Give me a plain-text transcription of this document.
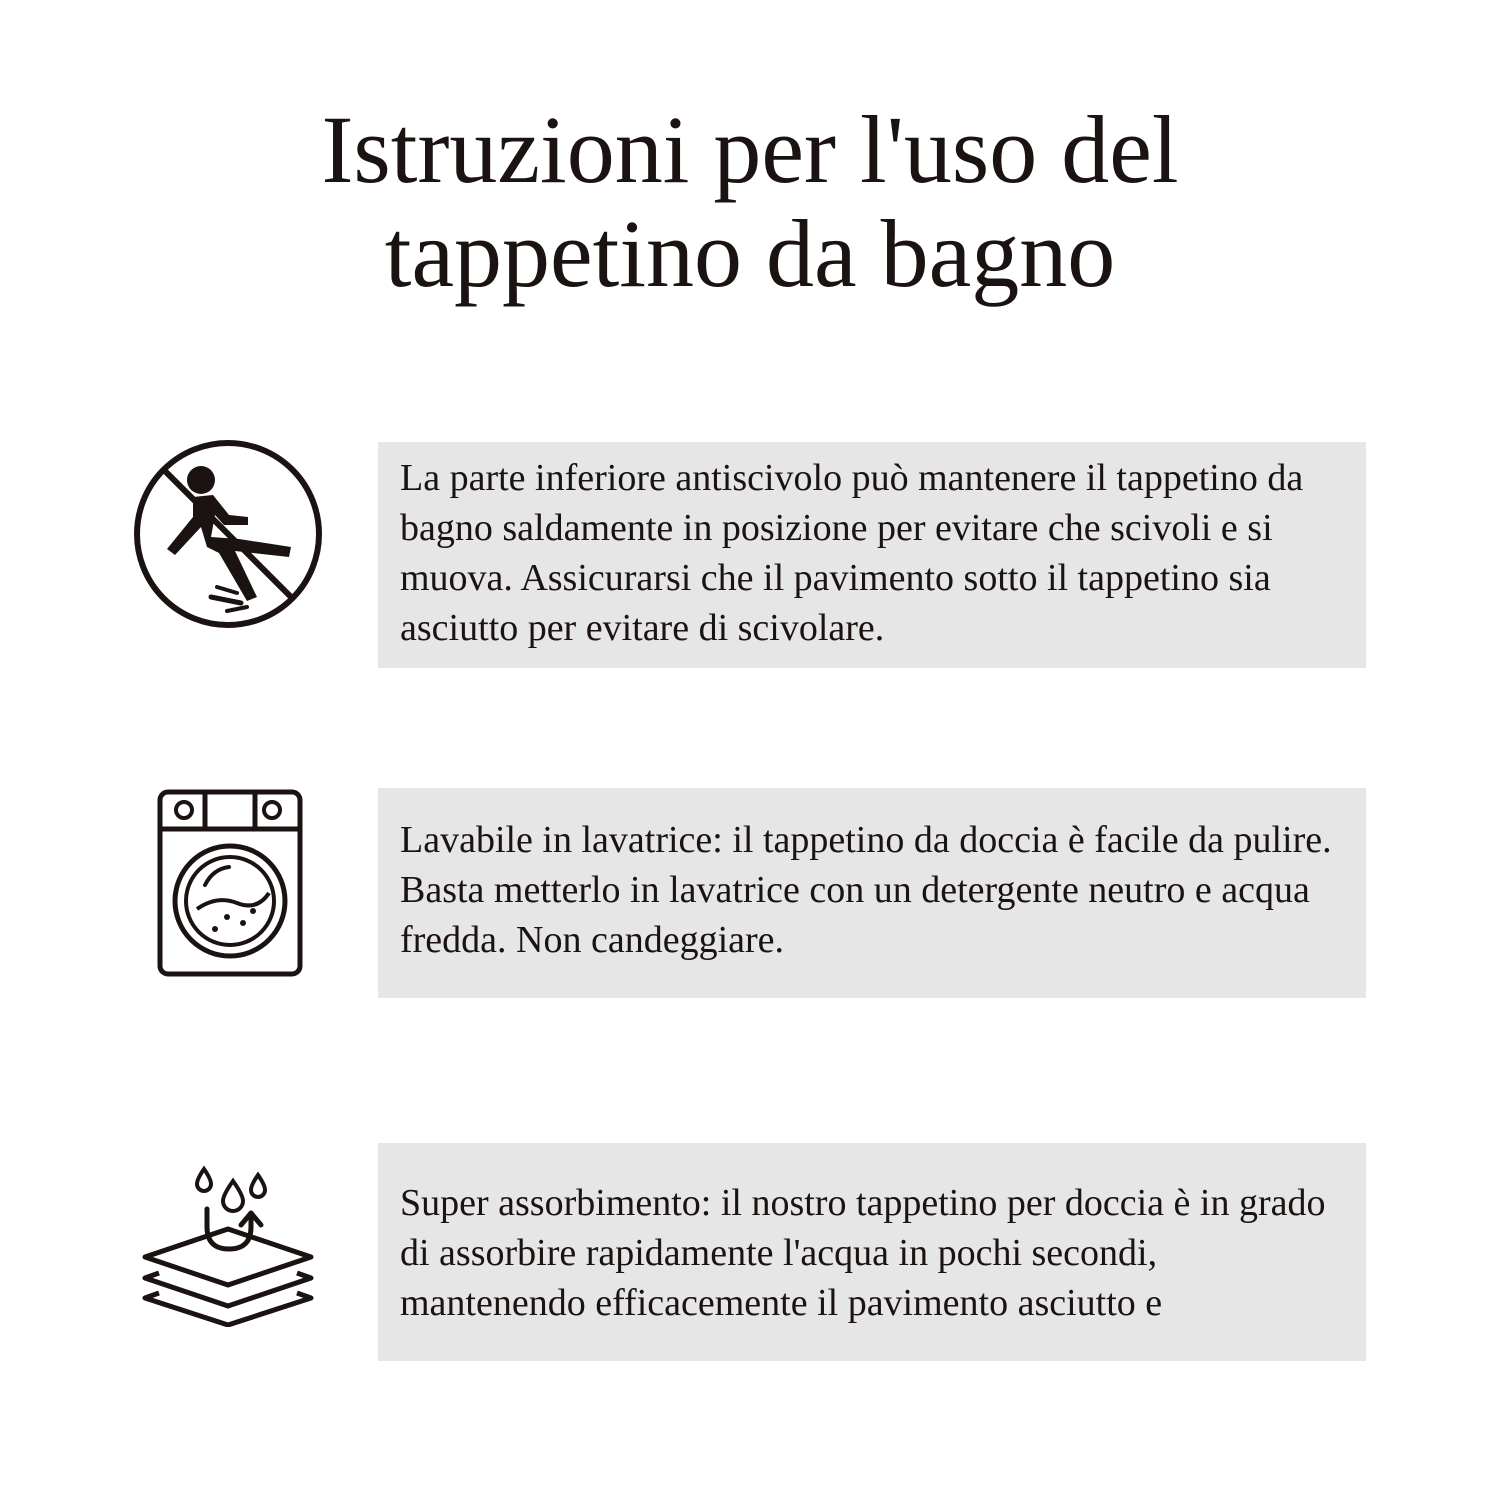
Istruzioni per l'uso del
tappetino da bagno

La parte inferiore antiscivolo può mantenere il tappetino da bagno saldamente in posizione per evitare che scivoli e si muova. Assicurarsi che il pavimento sotto il tappetino sia asciutto per evitare di scivolare.

Lavabile in lavatrice: il tappetino da doccia è facile da pulire. Basta metterlo in lavatrice con un detergente neutro e acqua fredda. Non candeggiare.

Super assorbimento: il nostro tappetino per doccia è in grado di assorbire rapidamente l'acqua in pochi secondi, mantenendo efficacemente il pavimento asciutto e
